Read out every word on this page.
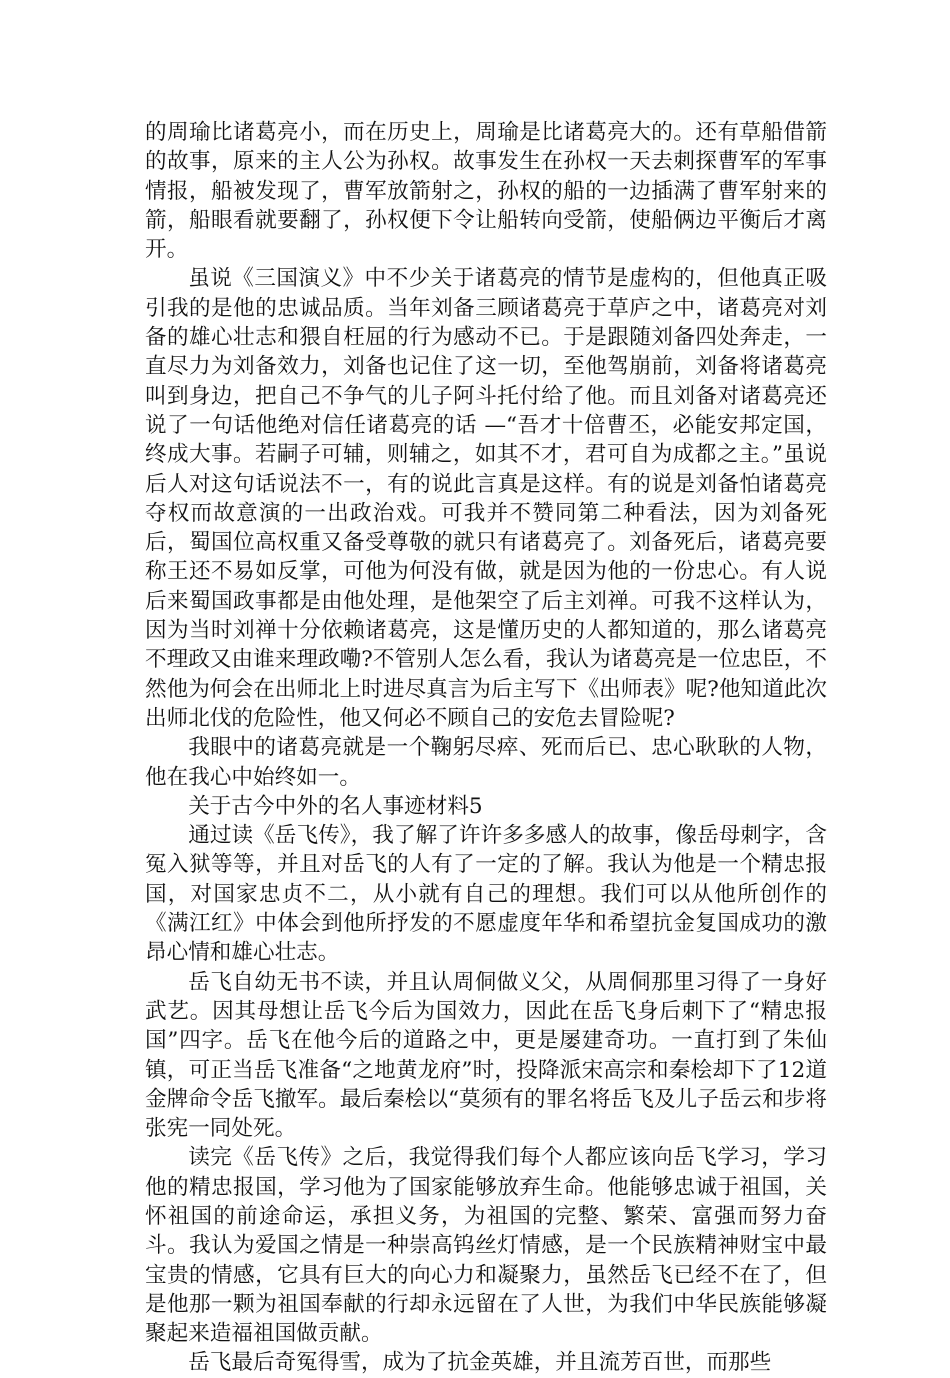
的周瑜比诸葛亮小，而在历史上，周瑜是比诸葛亮大的。还有草船借箭的故事，原来的主人公为孙权。故事发生在孙权一天去刺探曹军的军事情报，船被发现了，曹军放箭射之，孙权的船的一边插满了曹军射来的箭，船眼看就要翻了，孙权便下令让船转向受箭，使船俩边平衡后才离开。

虽说《三国演义》中不少关于诸葛亮的情节是虚构的，但他真正吸引我的是他的忠诚品质。当年刘备三顾诸葛亮于草庐之中，诸葛亮对刘备的雄心壮志和猥自枉屈的行为感动不已。于是跟随刘备四处奔走，一直尽力为刘备效力，刘备也记住了这一切，至他驾崩前，刘备将诸葛亮叫到身边，把自己不争气的儿子阿斗托付给了他。而且刘备对诸葛亮还说了一句话他绝对信任诸葛亮的话 —“吾才十倍曹丕，必能安邦定国，终成大事。若嗣子可辅，则辅之，如其不才，君可自为成都之主。”虽说后人对这句话说法不一，有的说此言真是这样。有的说是刘备怕诸葛亮夺权而故意演的一出政治戏。可我并不赞同第二种看法，因为刘备死后，蜀国位高权重又备受尊敬的就只有诸葛亮了。刘备死后，诸葛亮要称王还不易如反掌，可他为何没有做，就是因为他的一份忠心。有人说后来蜀国政事都是由他处理，是他架空了后主刘禅。可我不这样认为，因为当时刘禅十分依赖诸葛亮，这是懂历史的人都知道的，那么诸葛亮不理政又由谁来理政嘞?不管别人怎么看，我认为诸葛亮是一位忠臣，不然他为何会在出师北上时进尽真言为后主写下《出师表》呢?他知道此次出师北伐的危险性，他又何必不顾自己的安危去冒险呢?

我眼中的诸葛亮就是一个鞠躬尽瘁、死而后已、忠心耿耿的人物，他在我心中始终如一。

关于古今中外的名人事迹材料5

通过读《岳飞传》，我了解了许许多多感人的故事，像岳母刺字，含冤入狱等等，并且对岳飞的人有了一定的了解。我认为他是一个精忠报国，对国家忠贞不二，从小就有自己的理想。我们可以从他所创作的《满江红》中体会到他所抒发的不愿虚度年华和希望抗金复国成功的激昂心情和雄心壮志。

岳飞自幼无书不读，并且认周侗做义父，从周侗那里习得了一身好武艺。因其母想让岳飞今后为国效力，因此在岳飞身后刺下了“精忠报国”四字。岳飞在他今后的道路之中，更是屡建奇功。一直打到了朱仙镇，可正当岳飞准备“之地黄龙府”时，投降派宋高宗和秦桧却下了12道金牌命令岳飞撤军。最后秦桧以“莫须有的罪名将岳飞及儿子岳云和步将张宪一同处死。

读完《岳飞传》之后，我觉得我们每个人都应该向岳飞学习，学习他的精忠报国，学习他为了国家能够放弃生命。他能够忠诚于祖国，关怀祖国的前途命运，承担义务，为祖国的完整、繁荣、富强而努力奋斗。我认为爱国之情是一种崇高钨丝灯情感，是一个民族精神财宝中最宝贵的情感，它具有巨大的向心力和凝聚力，虽然岳飞已经不在了，但是他那一颗为祖国奉献的行却永远留在了人世，为我们中华民族能够凝聚起来造福祖国做贡献。

岳飞最后奇冤得雪，成为了抗金英雄，并且流芳百世，而那些
